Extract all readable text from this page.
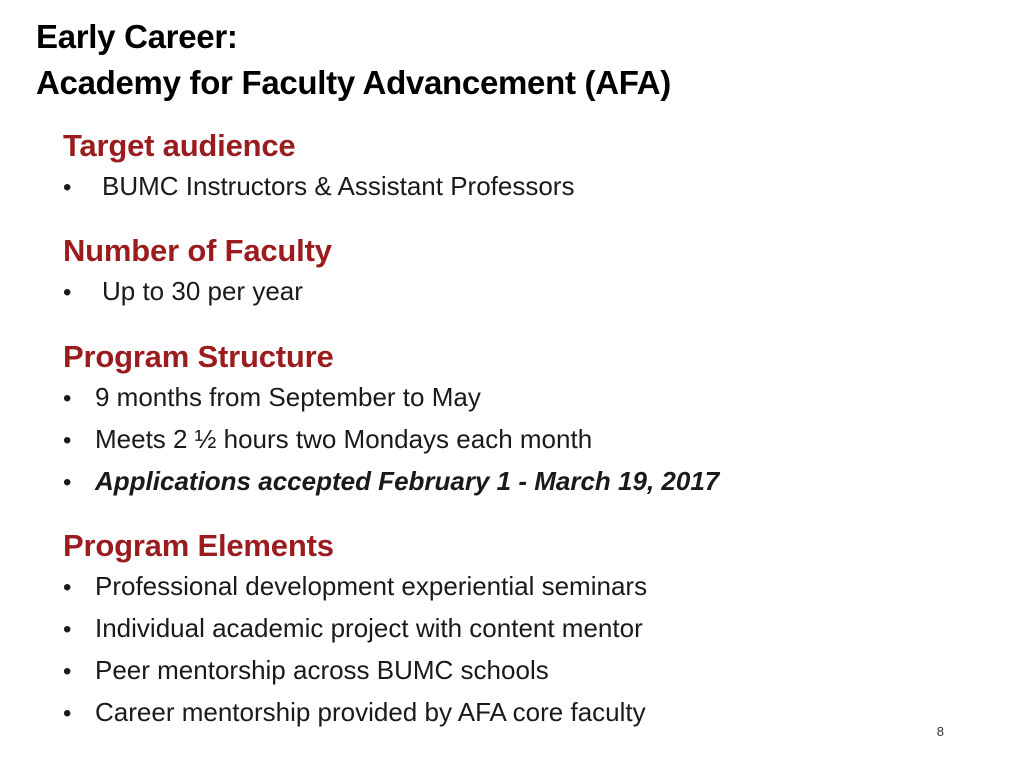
Early Career:
Academy for Faculty Advancement (AFA)
Target audience
• BUMC Instructors & Assistant Professors
Number of Faculty
• Up to 30 per year
Program Structure
• 9 months from September to May
• Meets 2 ½ hours two Mondays each month
• Applications accepted February 1 - March 19, 2017
Program Elements
• Professional development experiential seminars
• Individual academic project with content mentor
• Peer mentorship across BUMC schools
• Career mentorship provided by AFA core faculty
8
